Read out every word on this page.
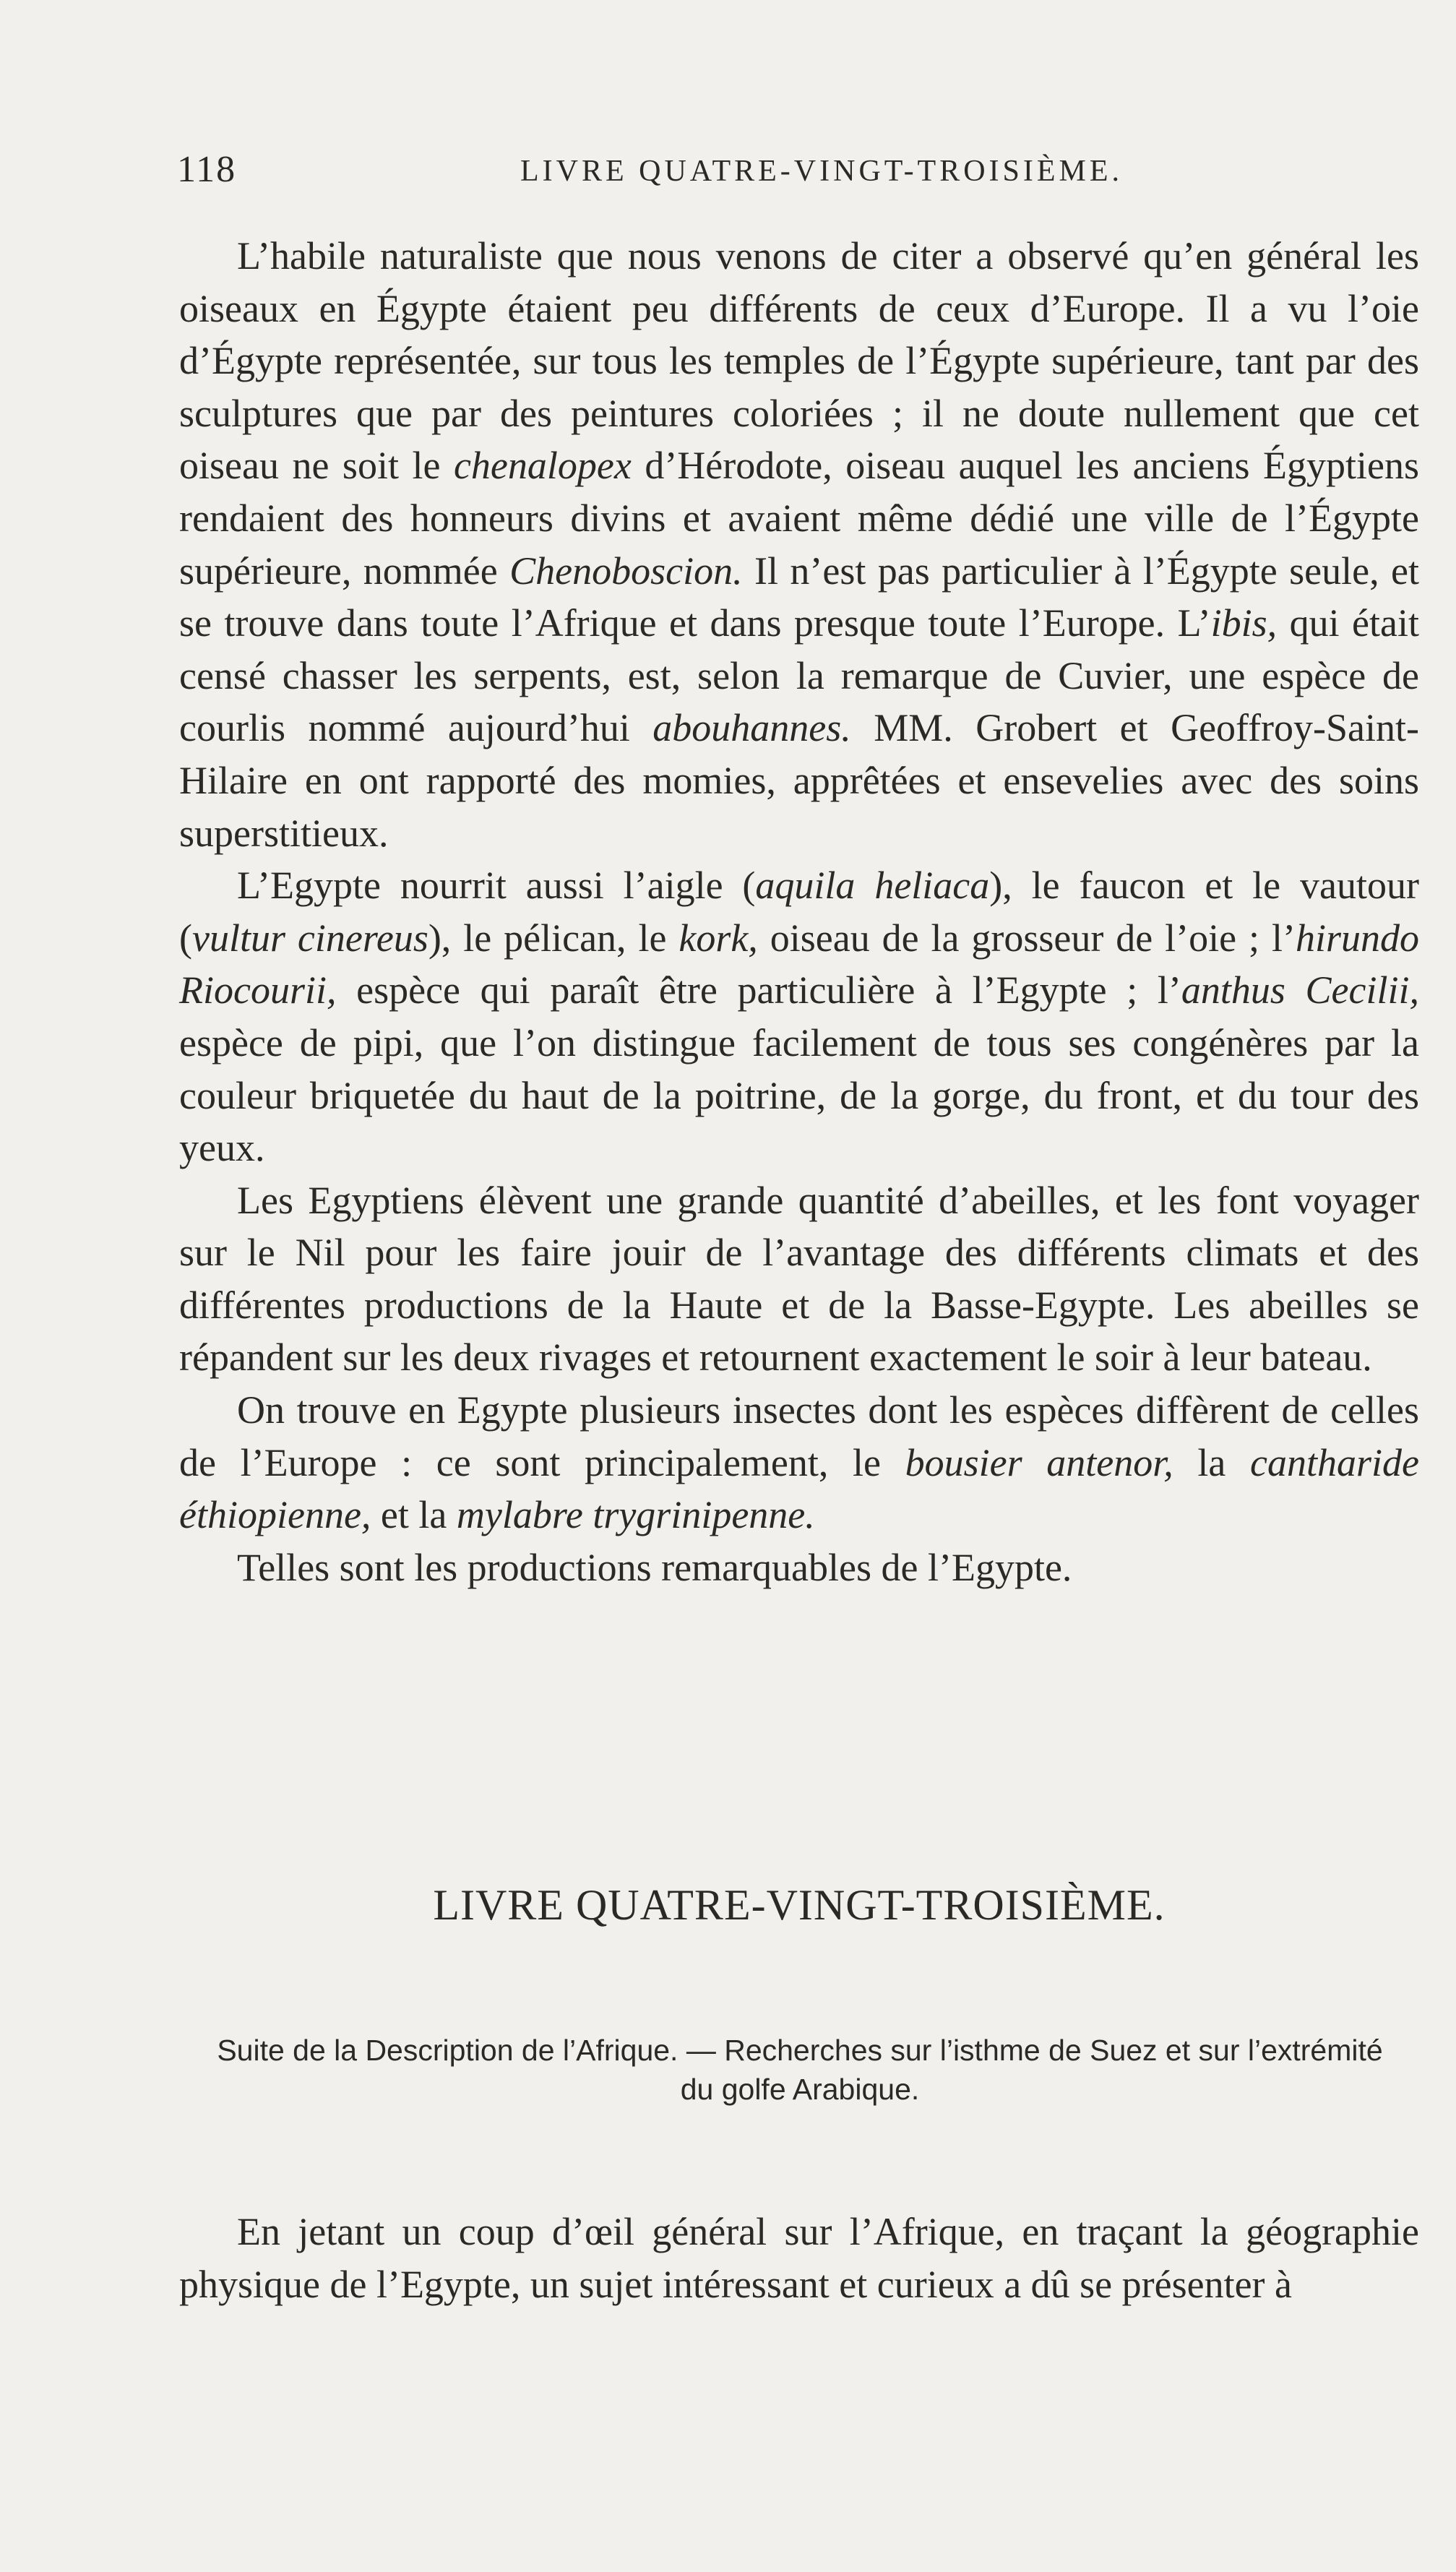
118	LIVRE QUATRE-VINGT-TROISIÈME.

L’habile naturaliste que nous venons de citer a observé qu’en général les oiseaux en Égypte étaient peu différents de ceux d’Europe. Il a vu l’oie d’Égypte représentée, sur tous les temples de l’Égypte supérieure, tant par des sculptures que par des peintures coloriées ; il ne doute nullement que cet oiseau ne soit le chenalopex d’Hérodote, oiseau auquel les anciens Égyptiens rendaient des honneurs divins et avaient même dédié une ville de l’Égypte supérieure, nommée Chenoboscion. Il n’est pas particulier à l’Égypte seule, et se trouve dans toute l’Afrique et dans presque toute l’Europe. L’ibis, qui était censé chasser les serpents, est, selon la remarque de Cuvier, une espèce de courlis nommé aujourd’hui abouhannes. MM. Grobert et Geoffroy-Saint-Hilaire en ont rapporté des momies, apprêtées et ensevelies avec des soins superstitieux.

L’Egypte nourrit aussi l’aigle (aquila heliaca), le faucon et le vautour (vultur cinereus), le pélican, le kork, oiseau de la grosseur de l’oie ; l’hirundo Riocourii, espèce qui paraît être particulière à l’Egypte ; l’anthus Cecilii, espèce de pipi, que l’on distingue facilement de tous ses congénères par la couleur briquetée du haut de la poitrine, de la gorge, du front, et du tour des yeux.

Les Egyptiens élèvent une grande quantité d’abeilles, et les font voyager sur le Nil pour les faire jouir de l’avantage des différents climats et des différentes productions de la Haute et de la Basse-Egypte. Les abeilles se répandent sur les deux rivages et retournent exactement le soir à leur bateau.

On trouve en Egypte plusieurs insectes dont les espèces diffèrent de celles de l’Europe : ce sont principalement, le bousier antenor, la cantharide éthiopienne, et la mylabre trygrinipenne.

Telles sont les productions remarquables de l’Egypte.

LIVRE QUATRE-VINGT-TROISIÈME.
Suite de la Description de l’Afrique. — Recherches sur l’isthme de Suez et sur l’extrémité du golfe Arabique.

En jetant un coup d’œil général sur l’Afrique, en traçant la géographie physique de l’Egypte, un sujet intéressant et curieux a dû se présenter à
